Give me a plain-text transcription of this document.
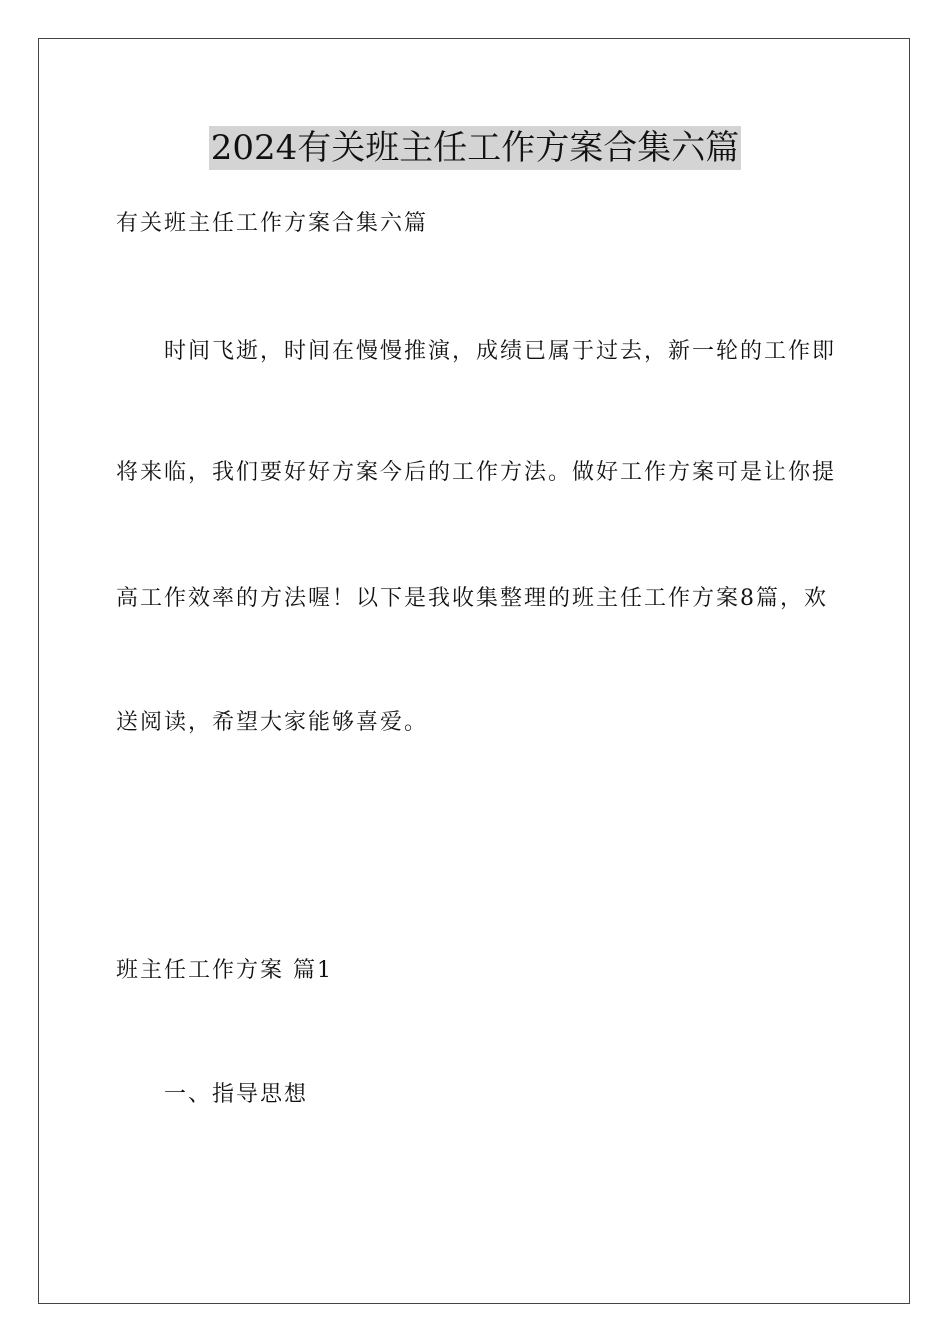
2024有关班主任工作方案合集六篇
有关班主任工作方案合集六篇
时间飞逝，时间在慢慢推演，成绩已属于过去，新一轮的工作即
将来临，我们要好好方案今后的工作方法。做好工作方案可是让你提
高工作效率的方法喔！以下是我收集整理的班主任工作方案8篇，欢
送阅读，希望大家能够喜爱。
班主任工作方案 篇1
一、指导思想
